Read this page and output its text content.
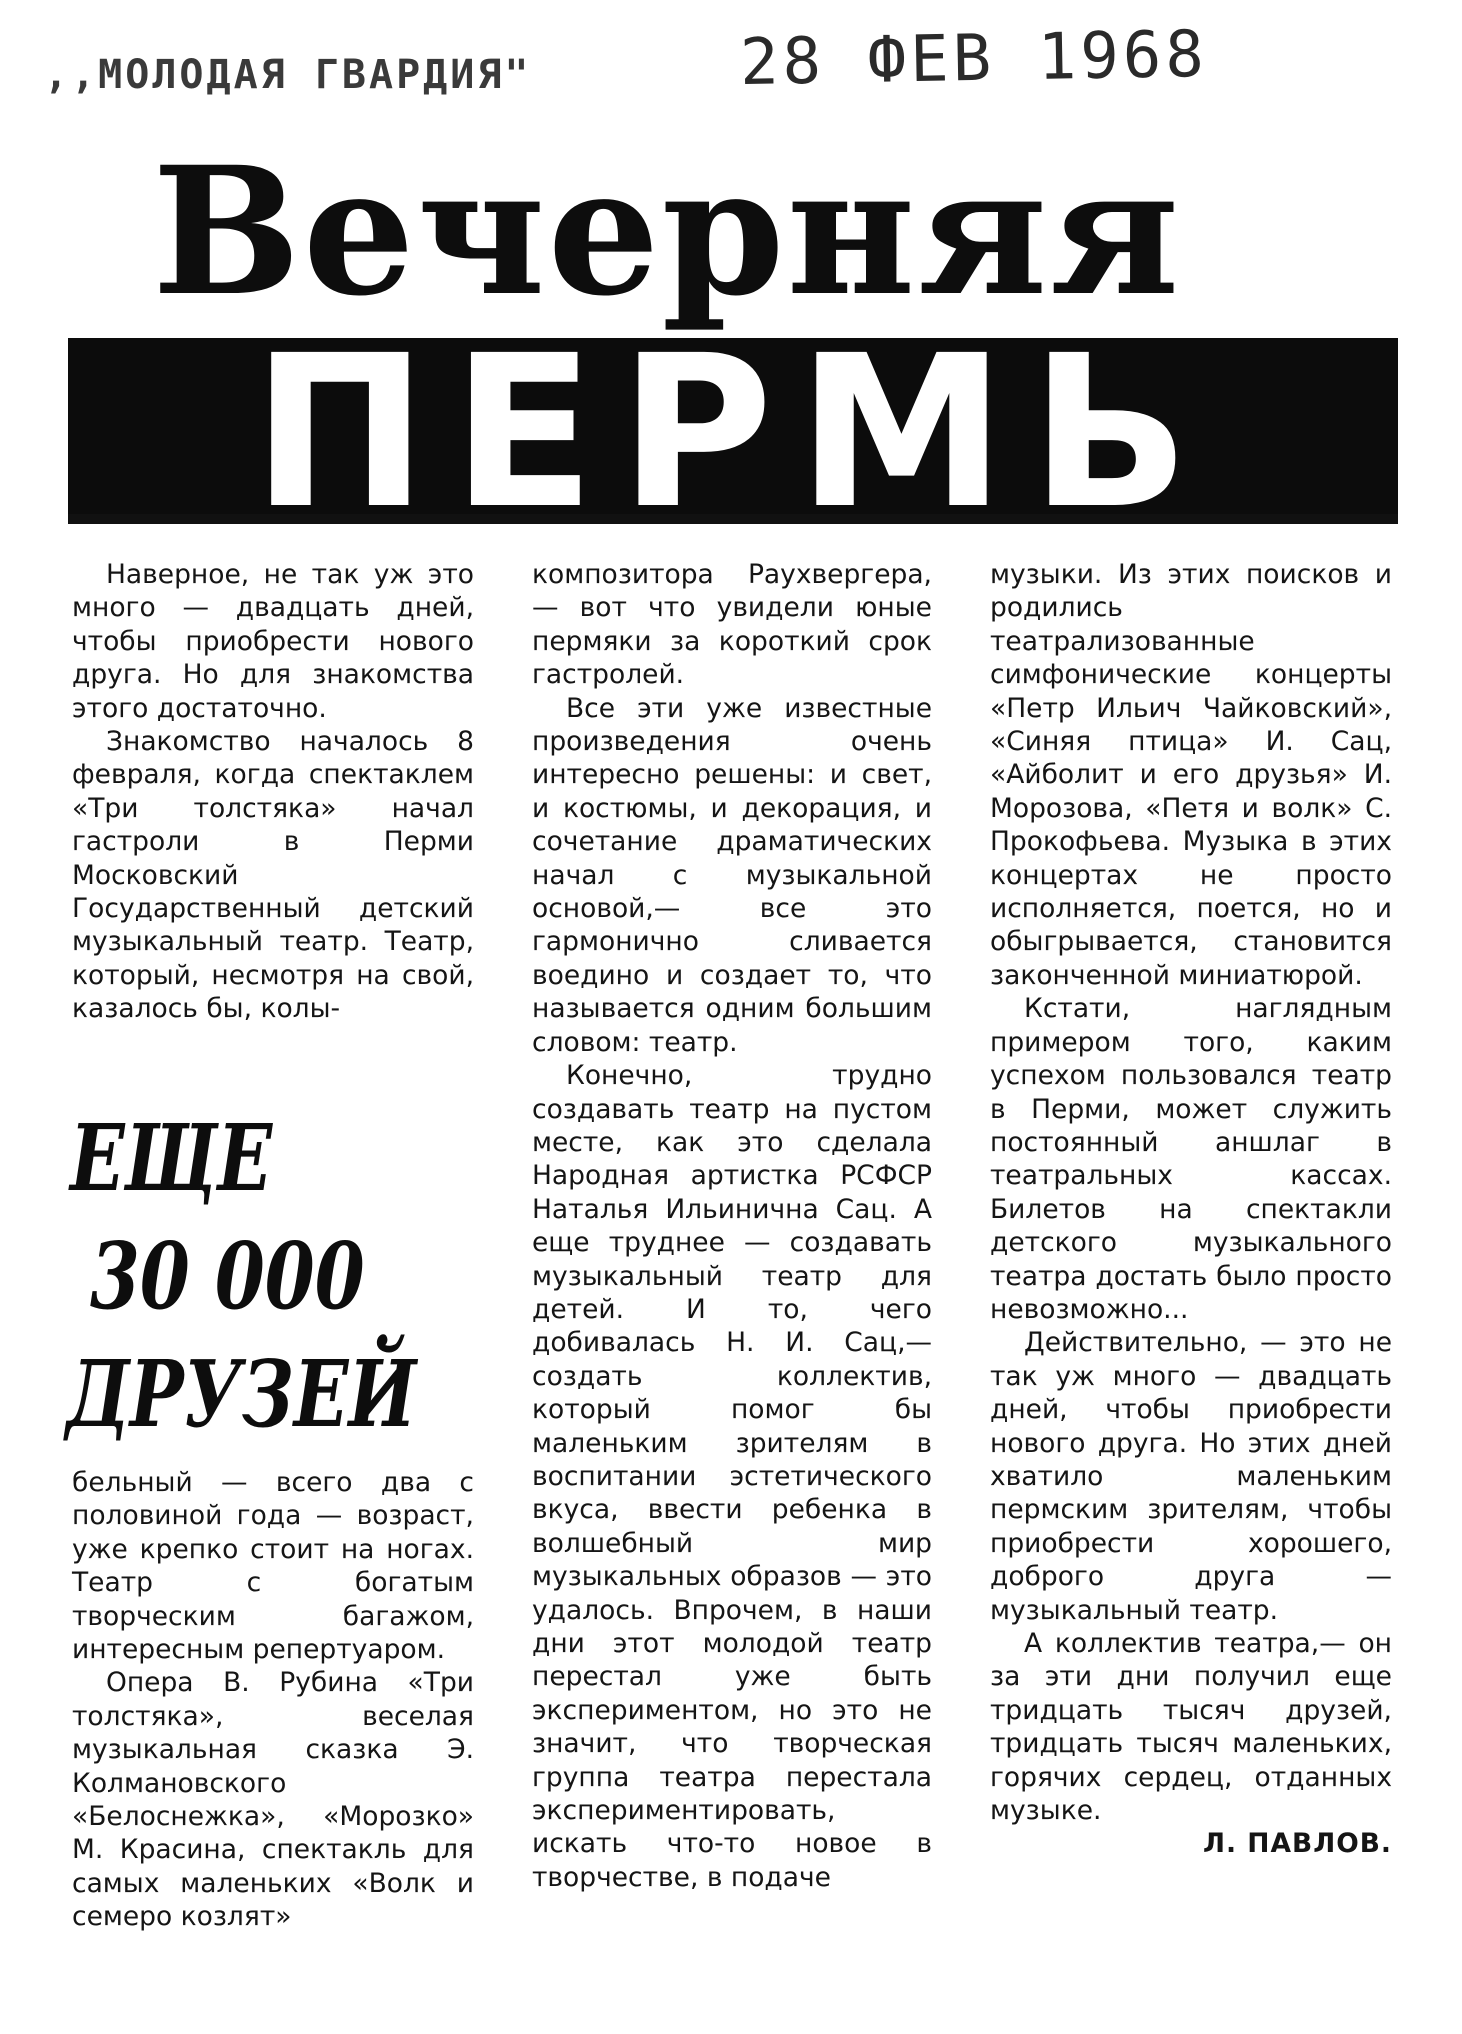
,,МОЛОДАЯ ГВАРДИЯ"	28 ФЕВ 1968
Вечерняя
ПЕРМЬ

Наверное, не так уж это много — двадцать дней, чтобы приобрести нового друга. Но для знакомства этого достаточно.

Знакомство началось 8 февраля, когда спектаклем «Три толстяка» начал гастроли в Перми Московский Государственный детский музыкальный театр. Театр, который, несмотря на свой, казалось бы, колы-

ЕЩЕ
30 000
ДРУЗЕЙ

бельный — всего два с половиной года — возраст, уже крепко стоит на ногах. Театр с богатым творческим багажом, интересным репертуаром.

Опера В. Рубина «Три толстяка», веселая музыкальная сказка Э. Колмановского «Белоснежка», «Морозко» М. Красина, спектакль для самых маленьких «Волк и семеро козлят»

композитора Раухвергера,— вот что увидели юные пермяки за короткий срок гастролей.

Все эти уже известные произведения очень интересно решены: и свет, и костюмы, и декорация, и сочетание драматических начал с музыкальной основой,— все это гармонично сливается воедино и создает то, что называется одним большим словом: театр.

Конечно, трудно создавать театр на пустом месте, как это сделала Народная артистка РСФСР Наталья Ильинична Сац. А еще труднее — создавать музыкальный театр для детей. И то, чего добивалась Н. И. Сац,— создать коллектив, который помог бы маленьким зрителям в воспитании эстетического вкуса, ввести ребенка в волшебный мир музыкальных образов — это удалось. Впрочем, в наши дни этот молодой театр перестал уже быть экспериментом, но это не значит, что творческая группа театра перестала экспериментировать, искать что-то новое в творчестве, в подаче

музыки. Из этих поисков и родились театрализованные симфонические концерты «Петр Ильич Чайковский», «Синяя птица» И. Сац, «Айболит и его друзья» И. Морозова, «Петя и волк» С. Прокофьева. Музыка в этих концертах не просто исполняется, поется, но и обыгрывается, становится законченной миниатюрой.

Кстати, наглядным примером того, каким успехом пользовался театр в Перми, может служить постоянный аншлаг в театральных кассах. Билетов на спектакли детского музыкального театра достать было просто невозможно...

Действительно, — это не так уж много — двадцать дней, чтобы приобрести нового друга. Но этих дней хватило маленьким пермским зрителям, чтобы приобрести хорошего, доброго друга — музыкальный театр.

А коллектив театра,— он за эти дни получил еще тридцать тысяч друзей, тридцать тысяч маленьких, горячих сердец, отданных музыке.

Л. ПАВЛОВ.
